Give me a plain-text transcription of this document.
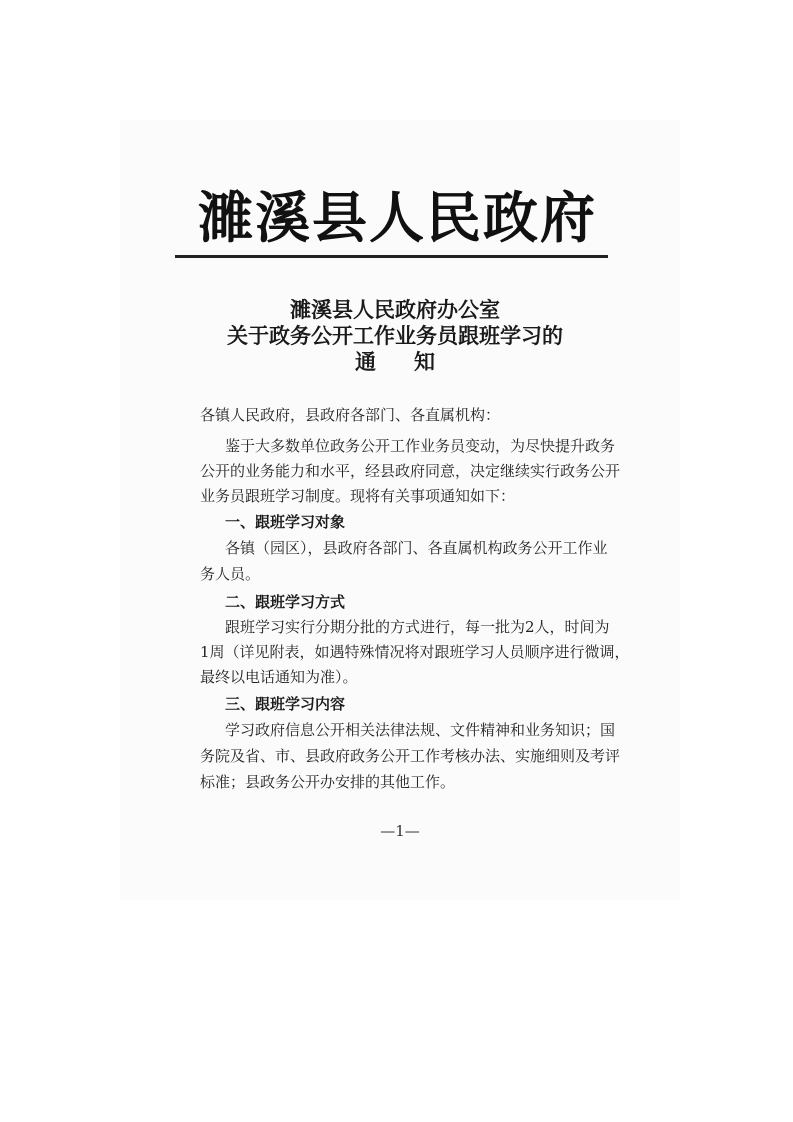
濉溪县人民政府
濉溪县人民政府办公室
关于政务公开工作业务员跟班学习的
通知
各镇人民政府，县政府各部门、各直属机构：
鉴于大多数单位政务公开工作业务员变动，为尽快提升政务
公开的业务能力和水平，经县政府同意，决定继续实行政务公开
业务员跟班学习制度。现将有关事项通知如下：
一、跟班学习对象
各镇（园区），县政府各部门、各直属机构政务公开工作业
务人员。
二、跟班学习方式
跟班学习实行分期分批的方式进行，每一批为2人，时间为
1周（详见附表，如遇特殊情况将对跟班学习人员顺序进行微调，
最终以电话通知为准）。
三、跟班学习内容
学习政府信息公开相关法律法规、文件精神和业务知识；国
务院及省、市、县政府政务公开工作考核办法、实施细则及考评
标准；县政务公开办安排的其他工作。
—1—
